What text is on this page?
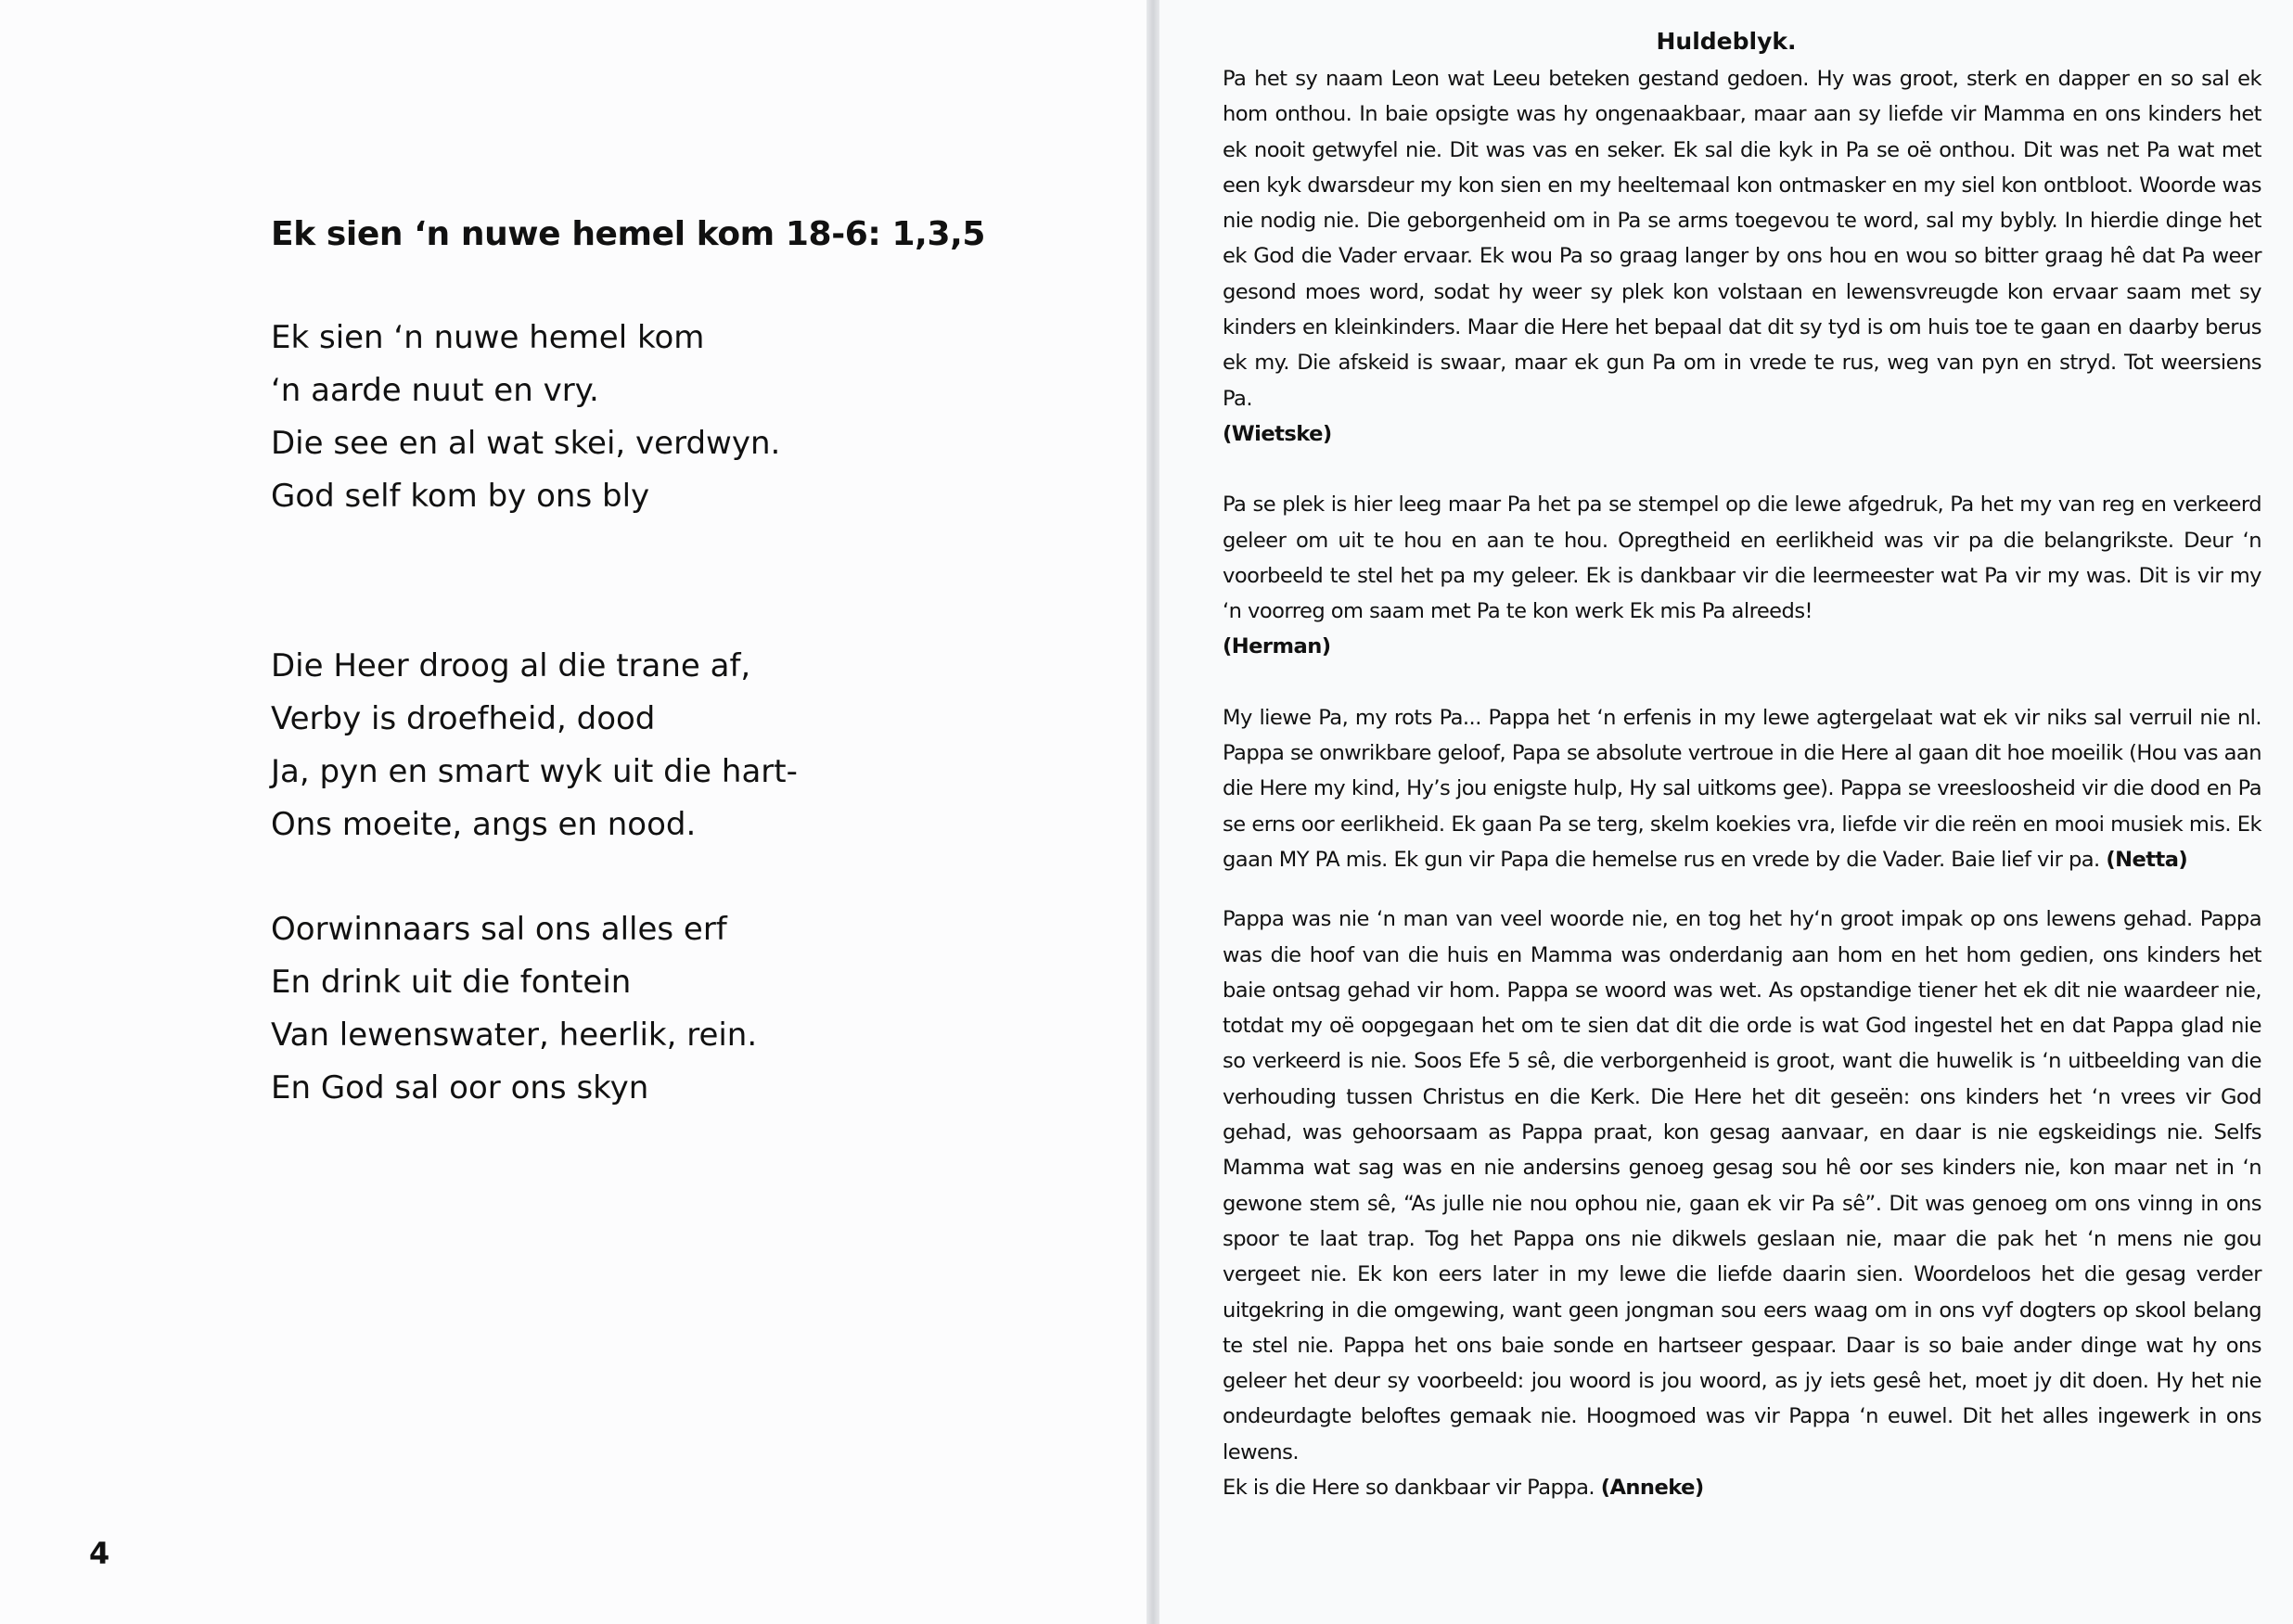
Ek sien ‘n nuwe hemel kom 18-6: 1,3,5
Ek sien ‘n nuwe hemel kom
‘n aarde nuut en vry.
Die see en al wat skei, verdwyn.
God self kom by ons bly
Die Heer droog al die trane af,
Verby is droefheid, dood
Ja, pyn en smart wyk uit die hart-
Ons moeite, angs en nood.
Oorwinnaars sal ons alles erf
En drink uit die fontein
Van lewenswater, heerlik, rein.
En God sal oor ons skyn
4
Huldeblyk.

Pa het sy naam Leon wat Leeu beteken gestand gedoen. Hy was groot, sterk en dapper en so sal ek hom onthou. In baie opsigte was hy ongenaakbaar, maar aan sy liefde vir Mamma en ons kinders het ek nooit getwyfel nie. Dit was vas en seker. Ek sal die kyk in Pa se oë onthou. Dit was net Pa wat met een kyk dwarsdeur my kon sien en my heeltemaal kon ontmasker en my siel kon ontbloot. Woorde was nie nodig nie. Die geborgenheid om in Pa se arms toegevou te word, sal my bybly. In hierdie dinge het ek God die Vader ervaar. Ek wou Pa so graag langer by ons hou en wou so bitter graag hê dat Pa weer gesond moes word, sodat hy weer sy plek kon volstaan en lewensvreugde kon ervaar saam met sy kinders en kleinkinders. Maar die Here het bepaal dat dit sy tyd is om huis toe te gaan en daarby berus ek my. Die afskeid is swaar, maar ek gun Pa om in vrede te rus, weg van pyn en stryd. Tot weersiens Pa.
(Wietske)

Pa se plek is hier leeg maar Pa het pa se stempel op die lewe afgedruk, Pa het my van reg en verkeerd geleer om uit te hou en aan te hou. Opregtheid en eerlikheid was vir pa die belangrikste. Deur ‘n voorbeeld te stel het pa my geleer. Ek is dankbaar vir die leermeester wat Pa vir my was. Dit is vir my ‘n voorreg om saam met Pa te kon werk Ek mis Pa alreeds!
(Herman)

My liewe Pa, my rots Pa... Pappa het ‘n erfenis in my lewe agtergelaat wat ek vir niks sal verruil nie nl. Pappa se onwrikbare geloof, Papa se absolute vertroue in die Here al gaan dit hoe moeilik (Hou vas aan die Here my kind, Hy’s jou enigste hulp, Hy sal uitkoms gee). Pappa se vreesloosheid vir die dood en Pa se erns oor eerlikheid. Ek gaan Pa se terg, skelm koekies vra, liefde vir die reën en mooi musiek mis. Ek gaan MY PA mis. Ek gun vir Papa die hemelse rus en vrede by die Vader. Baie lief vir pa. (Netta)

Pappa was nie ‘n man van veel woorde nie, en tog het hy‘n groot impak op ons lewens gehad. Pappa was die hoof van die huis en Mamma was onderdanig aan hom en het hom gedien, ons kinders het baie ontsag gehad vir hom. Pappa se woord was wet. As opstandige tiener het ek dit nie waardeer nie, totdat my oë oopgegaan het om te sien dat dit die orde is wat God ingestel het en dat Pappa glad nie so verkeerd is nie. Soos Efe 5 sê, die verborgenheid is groot, want die huwelik is ‘n uitbeelding van die verhouding tussen Christus en die Kerk. Die Here het dit geseën: ons kinders het ‘n vrees vir God gehad, was gehoorsaam as Pappa praat, kon gesag aanvaar, en daar is nie egskeidings nie. Selfs Mamma wat sag was en nie andersins genoeg gesag sou hê oor ses kinders nie, kon maar net in ‘n gewone stem sê, “As julle nie nou ophou nie, gaan ek vir Pa sê”. Dit was genoeg om ons vinng in ons spoor te laat trap. Tog het Pappa ons nie dikwels geslaan nie, maar die pak het ‘n mens nie gou vergeet nie. Ek kon eers later in my lewe die liefde daarin sien. Woordeloos het die gesag verder uitgekring in die omgewing, want geen jongman sou eers waag om in ons vyf dogters op skool belang te stel nie. Pappa het ons baie sonde en hartseer gespaar. Daar is so baie ander dinge wat hy ons geleer het deur sy voorbeeld: jou woord is jou woord, as jy iets gesê het, moet jy dit doen. Hy het nie ondeurdagte beloftes gemaak nie. Hoogmoed was vir Pappa ‘n euwel. Dit het alles ingewerk in ons lewens.

Ek is die Here so dankbaar vir Pappa. (Anneke)
